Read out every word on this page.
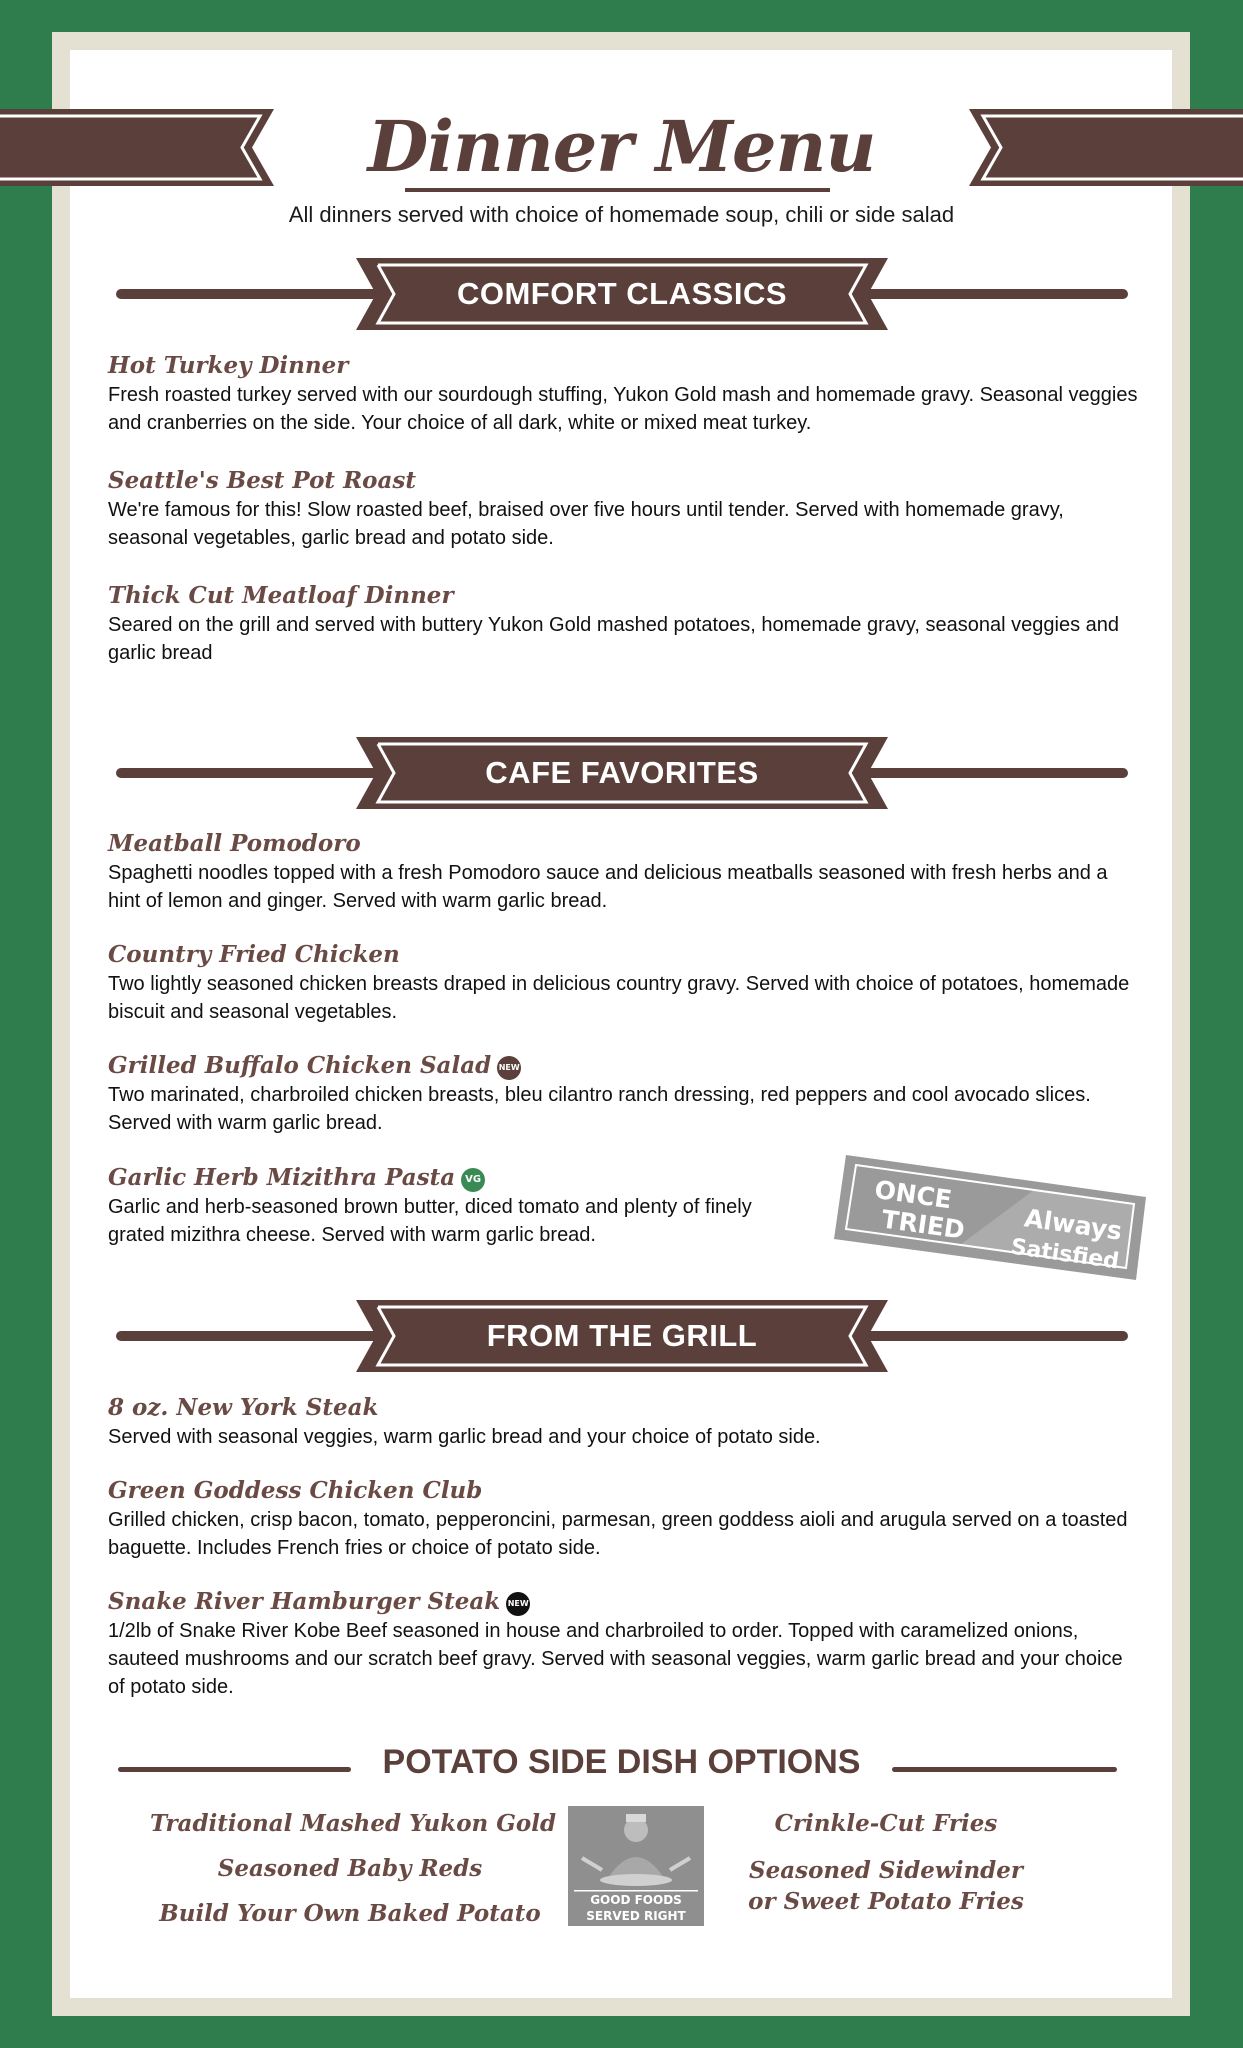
Dinner Menu
All dinners served with choice of homemade soup, chili or side salad
COMFORT CLASSICS
Hot Turkey Dinner
Fresh roasted turkey served with our sourdough stuffing, Yukon Gold mash and homemade gravy. Seasonal veggies and cranberries on the side. Your choice of all dark, white or mixed meat turkey.
Seattle's Best Pot Roast
We're famous for this! Slow roasted beef, braised over five hours until tender. Served with homemade gravy, seasonal vegetables, garlic bread and potato side.
Thick Cut Meatloaf Dinner
Seared on the grill and served with buttery Yukon Gold mashed potatoes, homemade gravy, seasonal veggies and garlic bread
CAFE FAVORITES
Meatball Pomodoro
Spaghetti noodles topped with a fresh Pomodoro sauce and delicious meatballs seasoned with fresh herbs and a hint of lemon and ginger. Served with warm garlic bread.
Country Fried Chicken
Two lightly seasoned chicken breasts draped in delicious country gravy. Served with choice of potatoes, homemade biscuit and seasonal vegetables.
Grilled Buffalo Chicken Salad NEW
Two marinated, charbroiled chicken breasts, bleu cilantro ranch dressing, red peppers and cool avocado slices. Served with warm garlic bread.
Garlic Herb Mizithra Pasta VG
Garlic and herb-seasoned brown butter, diced tomato and plenty of finely grated mizithra cheese. Served with warm garlic bread.
ONCE
TRIED Always
Satisfied
FROM THE GRILL
8 oz. New York Steak
Served with seasonal veggies, warm garlic bread and your choice of potato side.
Green Goddess Chicken Club
Grilled chicken, crisp bacon, tomato, pepperoncini, parmesan, green goddess aioli and arugula served on a toasted baguette. Includes French fries or choice of potato side.
Snake River Hamburger Steak NEW
1/2lb of Snake River Kobe Beef seasoned in house and charbroiled to order. Topped with caramelized onions, sauteed mushrooms and our scratch beef gravy. Served with seasonal veggies, warm garlic bread and your choice of potato side.
POTATO SIDE DISH OPTIONS
Traditional Mashed Yukon Gold
Seasoned Baby Reds
Build Your Own Baked Potato
Crinkle-Cut Fries
Seasoned Sidewinder
or Sweet Potato Fries
GOOD FOODS
SERVED RIGHT
